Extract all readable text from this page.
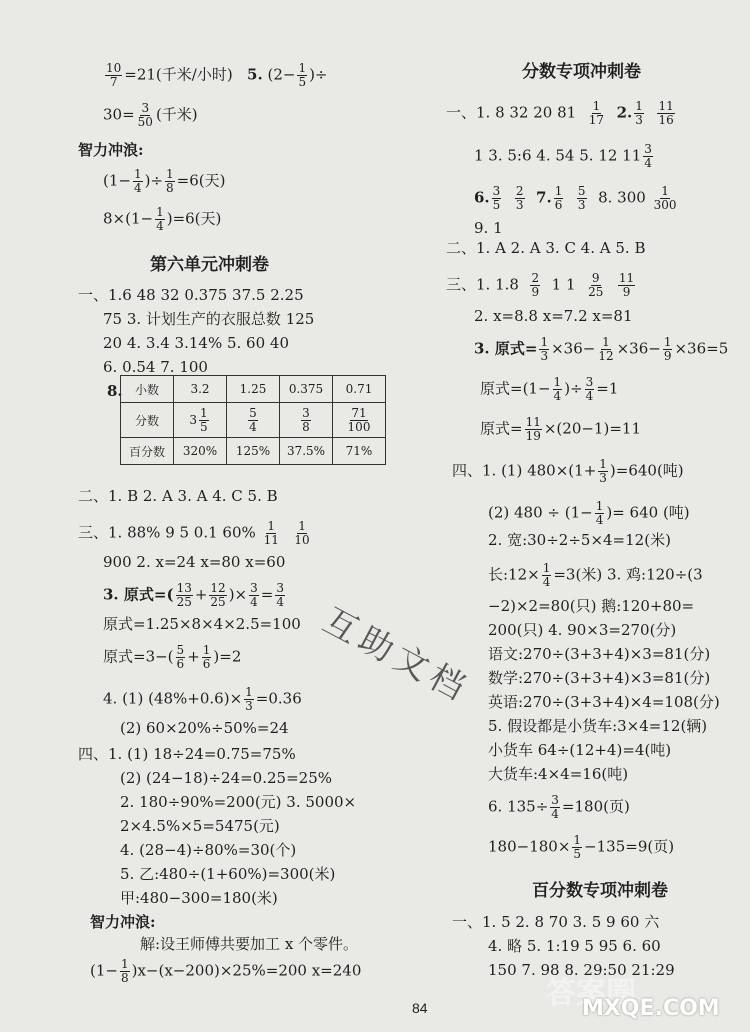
$\frac{10}{7} =21$(千米/小时) 5. ($2- \frac{1}{5}$ )÷
$30= \frac{3}{50}$ (千米)
智力冲浪:
($1- \frac{1}{4}$ )÷ $\frac{1}{8} =6$(天)
$8\times(1- \frac{1}{4} )=6$(天)
第六单元冲刺卷
一、1.6 48 32 0.375 37.5 2.25
75 3. 计划生产的衣服总数 125
20 4. 3.4 3.14% 5. 60 40
6. 0.54 7. 100
8. 小数	3.2	1.25	0.375	0.71
分数	$3 \frac{1}{5}$	$\frac{5}{4}$	$\frac{3}{8}$	$\frac{71}{100}$

百分数	320%	125%	37.5%	71%
二、1. B 2. A 3. A 4. C 5. B
三、1. 88% 9 5 0.1 $60\% \frac{1}{11}$
$\frac{1}{10}$
900 2. x=24 x=80 x=60
3. 原式=( $\frac{13}{25} + \frac{12}{25}$ )× $\frac{3}{4} = \frac{3}{4}$
原式=1.25×8×4×2.5=100
原式$=3-( \frac{5}{6} + \frac{1}{6} )=2$
4. (1) $(48\%+0.6)\times \frac{1}{3} =0.36$
(2) 60×20%÷50%=24
四、1. (1) 18÷24=0.75=75%
(2) (24−18)÷24=0.25=25%
2. 180÷90%=200(元) 3. 5000×
2×4.5%×5=5475(元)
4. (28−4)÷80%=30(个)
5. 乙:480÷(1+60%)=300(米)
甲:480−300=180(米)
智力冲浪:
解:设王师傅共要加工 x 个零件。
$(1- \frac{1}{8} )x-(x-200)\times 25\%=200$ x=240
分数专项冲刺卷
一、1. 8 32 20 $81 \frac{1}{17} 2$. $\frac{1}{3}$
$\frac{11}{16}$
1 3. 5:6 4. 54 5. 12 $11 \frac{3}{4}$
6. $\frac{3}{5}$
$\frac{2}{3} 7$. $\frac{1}{6}$
$\frac{5}{3} 8$. $300 \frac{1}{300}$
9. 1
二、1. A 2. A 3. C 4. A 5. B
三、1. $1.8 \frac{2}{9} 1$ $1 \frac{9}{25}$
$\frac{11}{9}$
2. x=8.8 x=7.2 x=81
3. 原式= $\frac{1}{3} \times 36- \frac{1}{12} \times 36- \frac{1}{9} \times 36=5$
原式$=(1- \frac{1}{4}$ )÷ $\frac{3}{4} =1$
原式= $\frac{11}{19} \times(20-1)=11$
四、1. (1) $480\times(1+ \frac{1}{3} )=640$(吨)
(2) $480 \div (1- \frac{1}{4}$ )= 640 (吨)
2. 宽:30÷2÷5×4=12(米)
长:12× $\frac{1}{4} =3$(米) 3. 鸡:120÷(3
−2)×2=80(只) 鹅:120+80=
200(只) 4. 90×3=270(分)
语文:270÷(3+3+4)×3=81(分)
数学:270÷(3+3+4)×3=81(分)
英语:270÷(3+3+4)×4=108(分)
5. 假设都是小货车:3×4=12(辆)
小货车 64÷(12+4)=4(吨)
大货车:4×4=16(吨)
6. $135\div \frac{3}{4} =180$(页)
$180-180\times \frac{1}{5} -135=9$(页)
百分数专项冲刺卷
一、1. 5 2. 8 70 3. 5 9 60 六
4. 略 5. 1:19 5 95 6. 60
150 7. 98 8. 29:50 21:29
互助文档
答案圈
MXQE.COM
84
